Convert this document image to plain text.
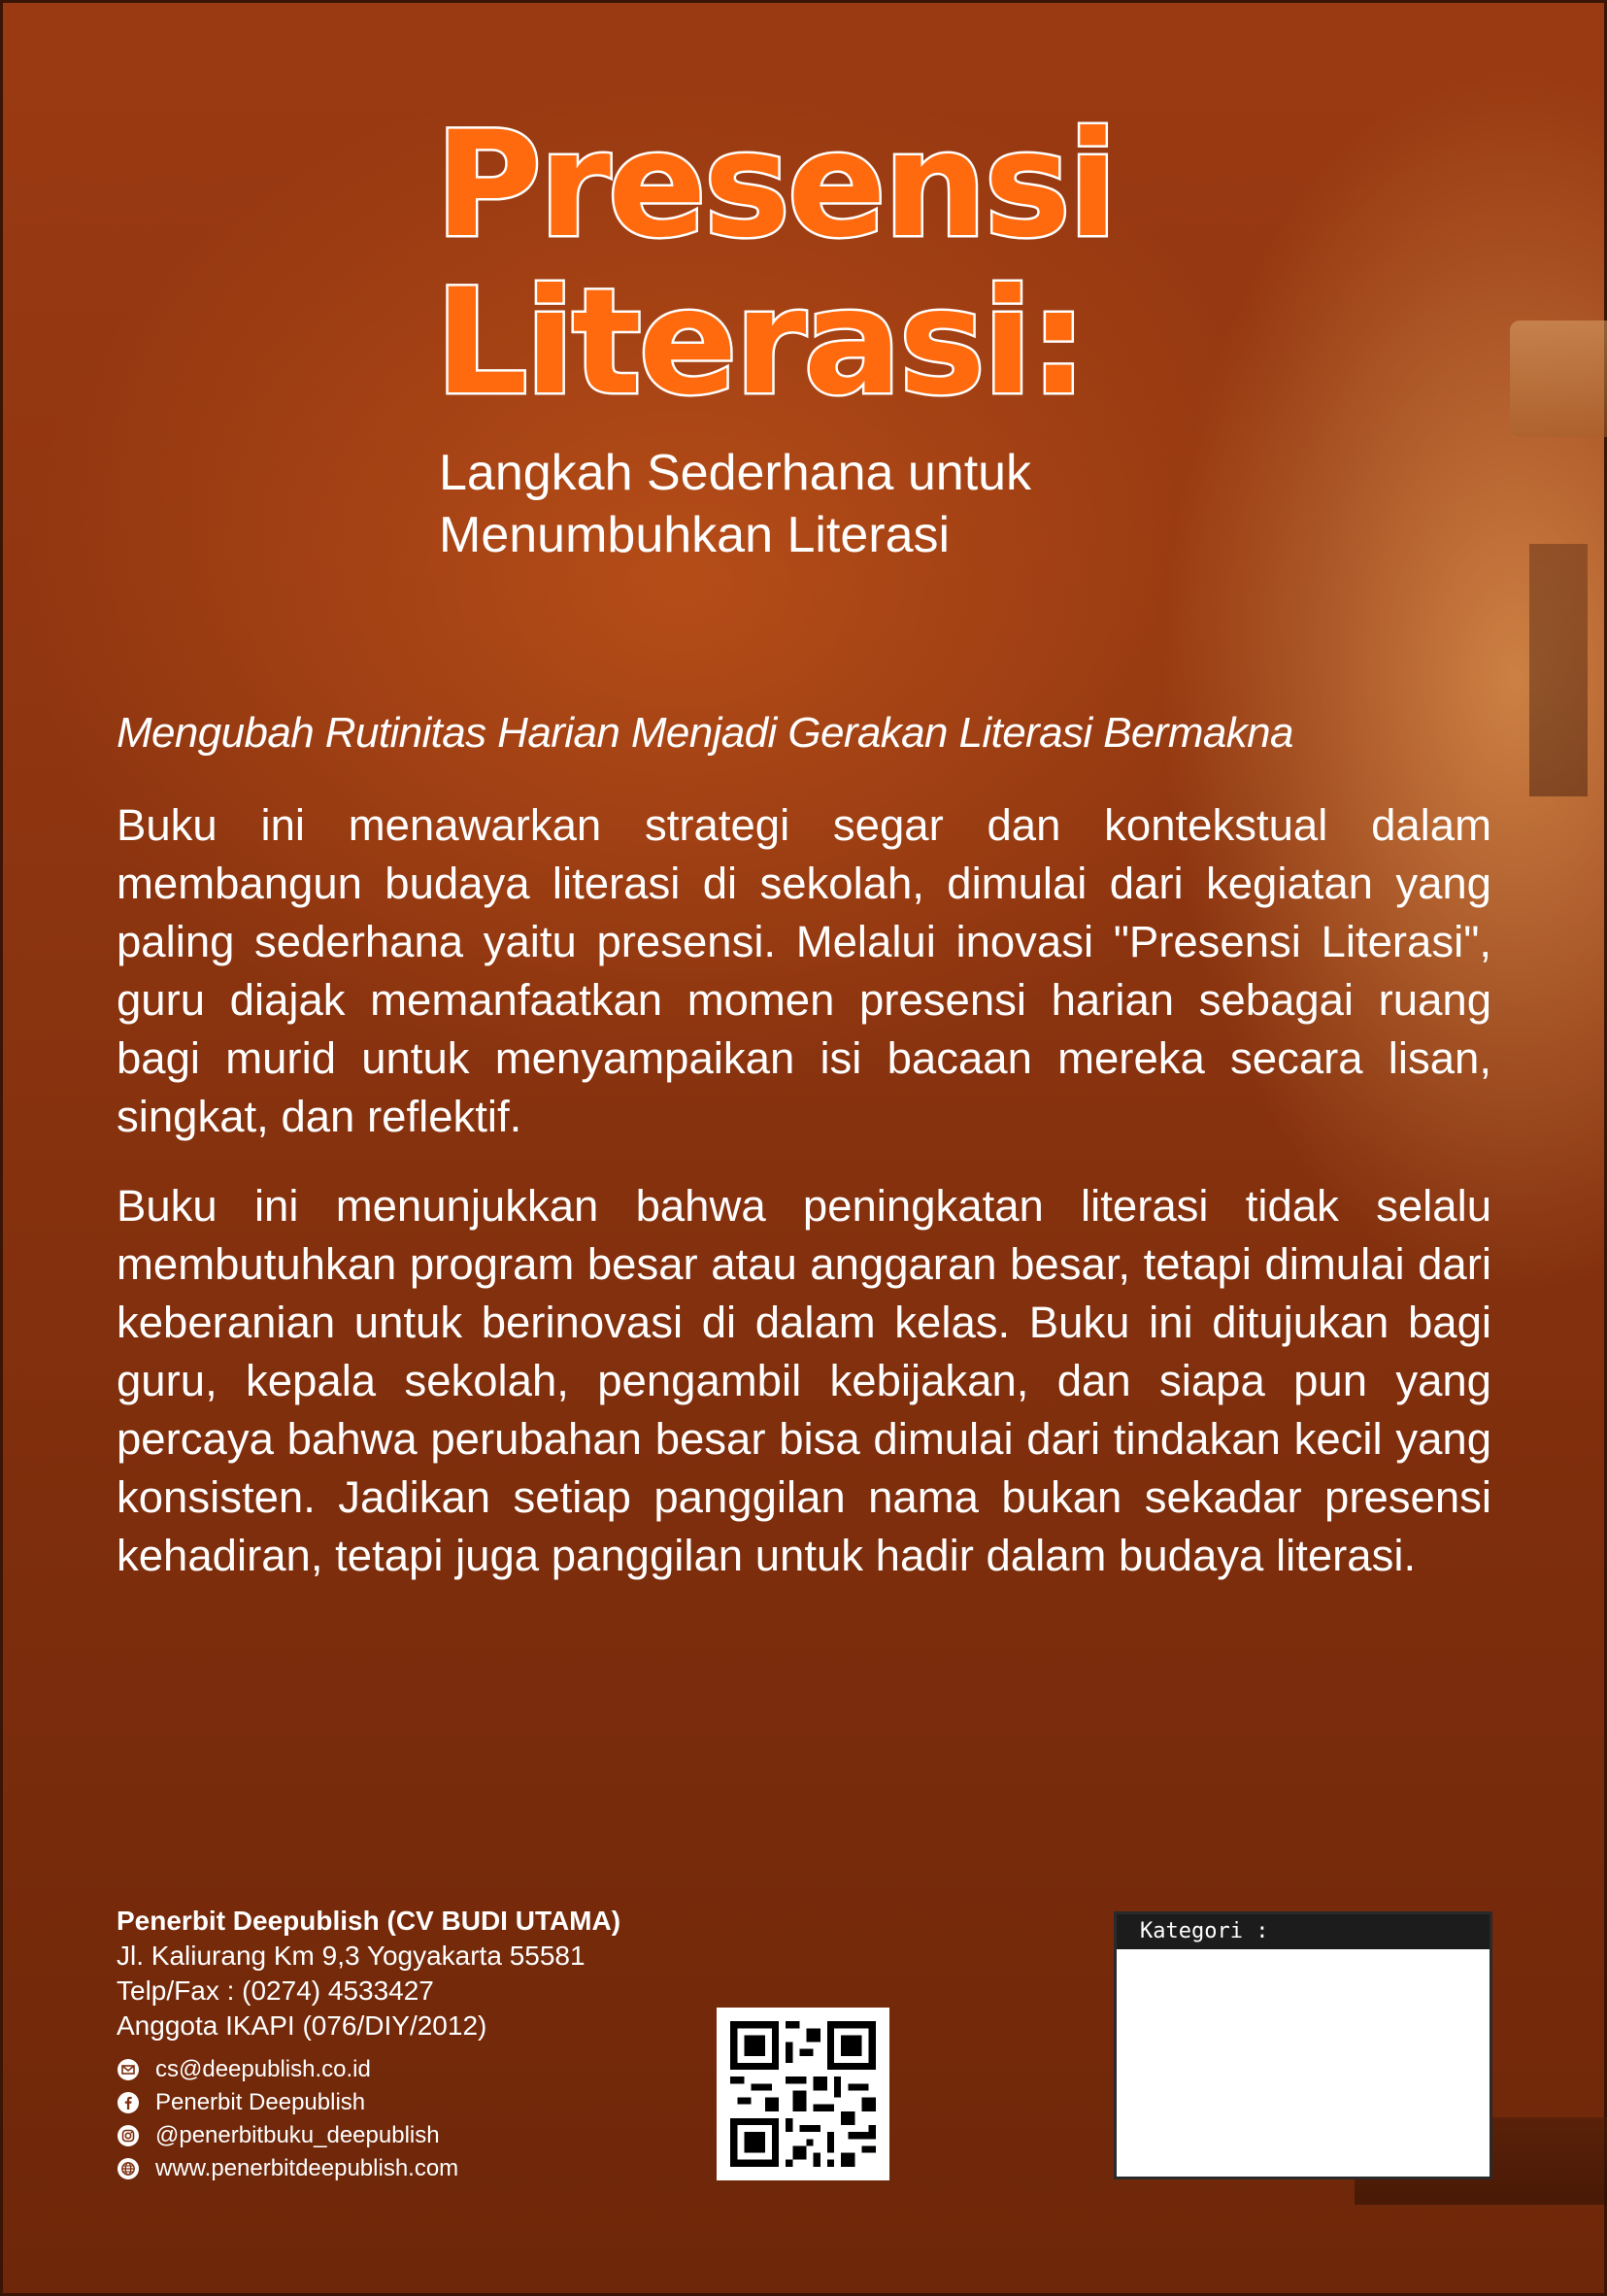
Presensi
Literasi:
Langkah Sederhana untuk
Menumbuhkan Literasi
Mengubah Rutinitas Harian Menjadi Gerakan Literasi Bermakna

Buku ini menawarkan strategi segar dan kontekstual dalam membangun budaya literasi di sekolah, dimulai dari kegiatan yang paling sederhana yaitu presensi. Melalui inovasi "Presensi Literasi", guru diajak memanfaatkan momen presensi harian sebagai ruang bagi murid untuk menyampaikan isi bacaan mereka secara lisan, singkat, dan reflektif.

Buku ini menunjukkan bahwa peningkatan literasi tidak selalu membutuhkan program besar atau anggaran besar, tetapi dimulai dari keberanian untuk berinovasi di dalam kelas. Buku ini ditujukan bagi guru, kepala sekolah, pengambil kebijakan, dan siapa pun yang percaya bahwa perubahan besar bisa dimulai dari tindakan kecil yang konsisten. Jadikan setiap panggilan nama bukan sekadar presensi kehadiran, tetapi juga panggilan untuk hadir dalam budaya literasi.

Penerbit Deepublish (CV BUDI UTAMA)
Jl. Kaliurang Km 9,3 Yogyakarta 55581
Telp/Fax : (0274) 4533427
Anggota IKAPI (076/DIY/2012)
cs@deepublish.co.id
Penerbit Deepublish
@penerbitbuku_deepublish
www.penerbitdeepublish.com
Kategori :
